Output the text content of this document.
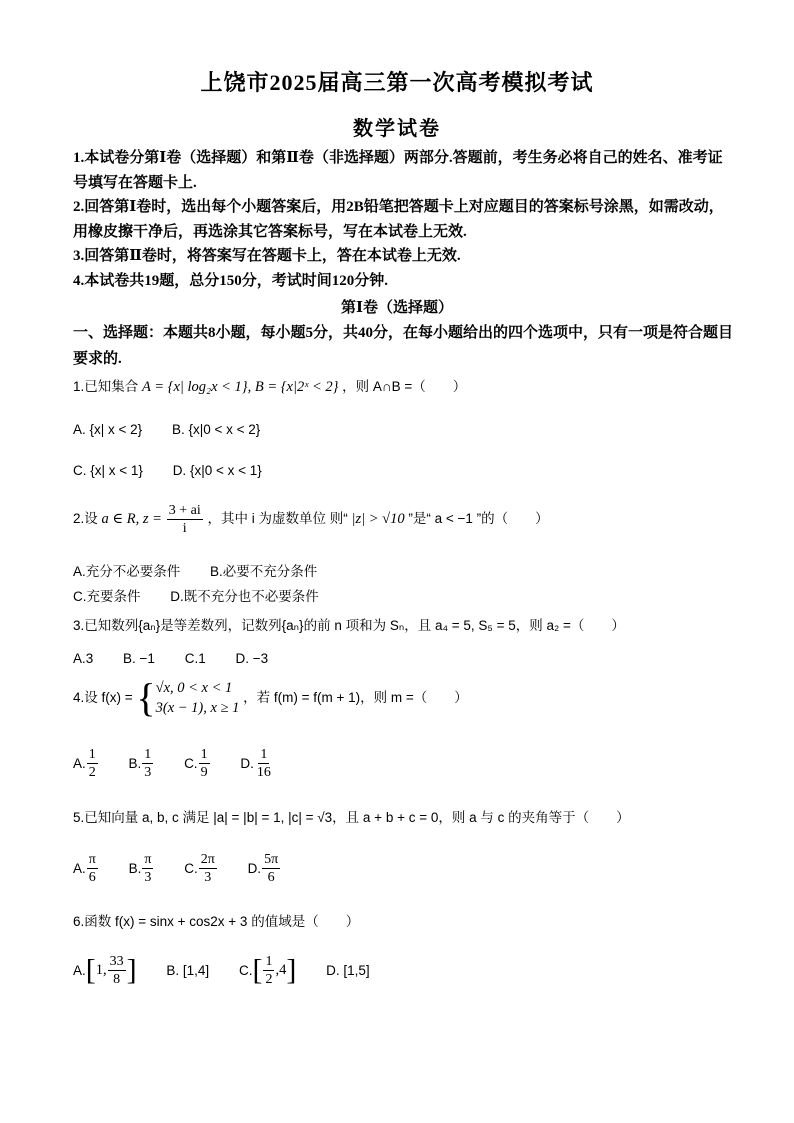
上饶市2025届高三第一次高考模拟考试
数学试卷

1.本试卷分第Ⅰ卷（选择题）和第Ⅱ卷（非选择题）两部分.答题前，考生务必将自己的姓名、准考证号填写在答题卡上.

2.回答第Ⅰ卷时，选出每个小题答案后，用2B铅笔把答题卡上对应题目的答案标号涂黑，如需改动，用橡皮擦干净后，再选涂其它答案标号，写在本试卷上无效.

3.回答第Ⅱ卷时，将答案写在答题卡上，答在本试卷上无效.

4.本试卷共19题，总分150分，考试时间120分钟.

第Ⅰ卷（选择题）
一、选择题：本题共8小题，每小题5分，共40分，在每小题给出的四个选项中，只有一项是符合题目要求的.
1.已知集合 A = {x| log₂x < 1}, B = {x|2ˣ < 2} ，则 A∩B =（　　）
A. {x| x < 2} B. {x|0 < x < 2}
C. {x| x < 1} D. {x|0 < x < 1}
2.设 a ∈ R, $z = \frac{3 + ai}{i}$ ，其中 i 为虚数单位 则“ |z| > √10 ”是“ a < −1 ”的（　　）
A.充分不必要条件 B.必要不充分条件
C.充要条件 D.既不充分也不必要条件
3.已知数列{aₙ}是等差数列，记数列{aₙ}的前 n 项和为 Sₙ，且 a₄ = 5, S₅ = 5，则 a₂ =（　　）
A.3 B. −1 C.1 D. −3
4.设 f(x) = { √x, 0 < x < 1
3(x − 1), x ≥ 1
，若 f(m) = f(m + 1)，则 m =（　　）
A. $\frac{1}{2} B$. $\frac{1}{3} C$. $\frac{1}{9} D$. $\frac{1}{16}$
5.已知向量 a, b, c 满足 |a| = |b| = 1, |c| = √3，且 a + b + c = 0，则 a 与 c 的夹角等于（　　）
A. $\frac{\pi}{6} B$. $\frac{\pi}{3} C$. $\frac{2\pi}{3} D$. $\frac{5\pi}{6}$
6.函数 f(x) = sinx + cos2x + 3 的值域是（　　）
A.[1, $\frac{33}{8}$ ] B. [1,4] $C.[ \frac{1}{2} ,4]$ D. [1,5]
